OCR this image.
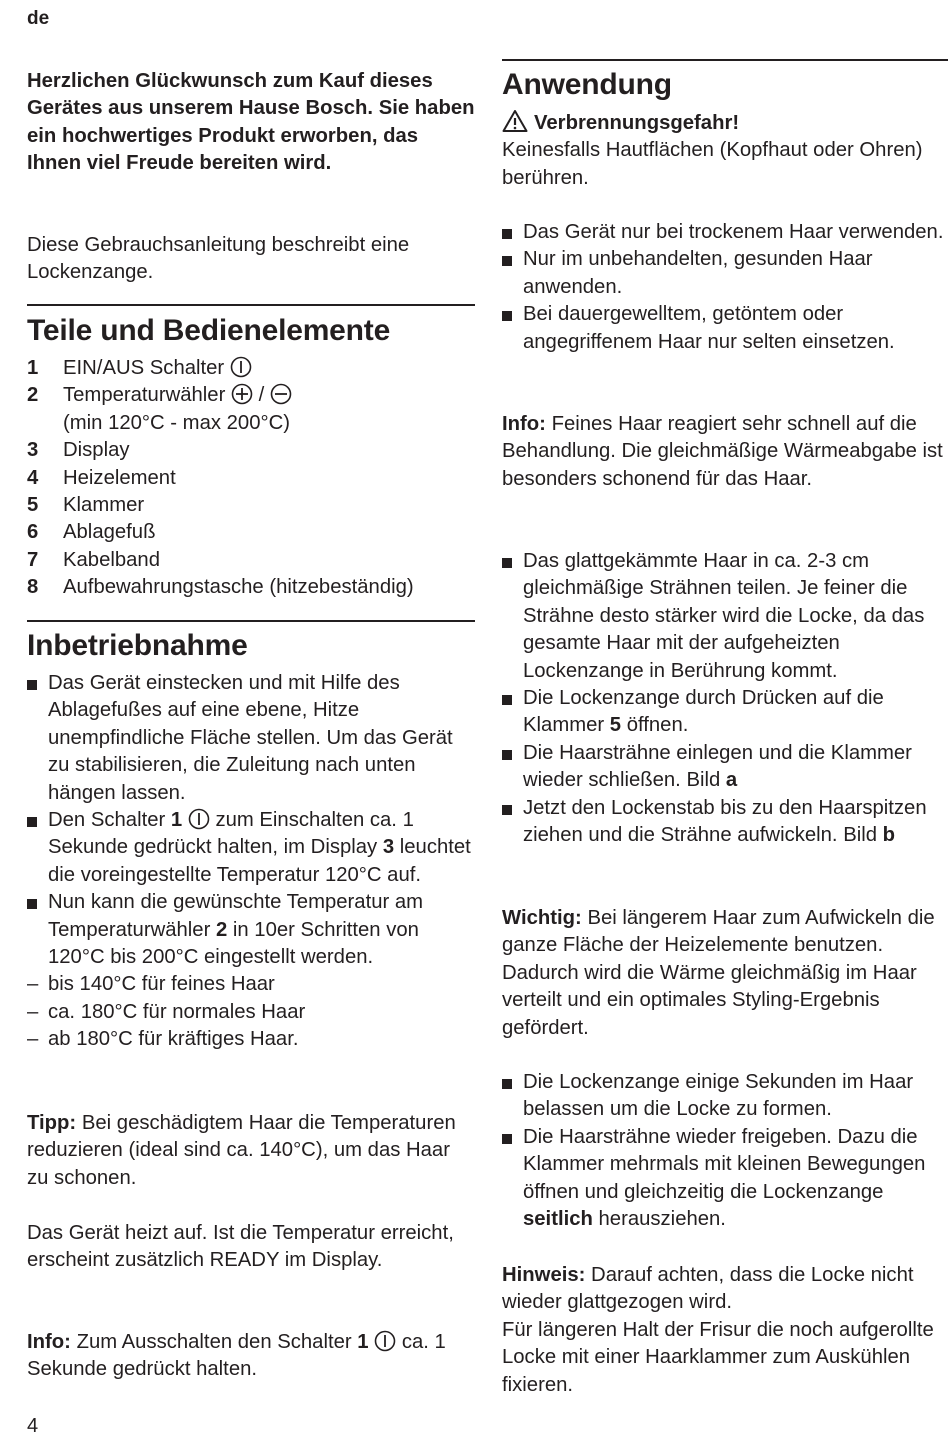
de
Herzlichen Glückwunsch zum Kauf dieses Gerätes aus unserem Hause Bosch. Sie haben ein hochwertiges Produkt erworben, das Ihnen viel Freude bereiten wird.
Diese Gebrauchsanleitung beschreibt eine Lockenzange.
Teile und Bedienelemente
1 EIN/AUS Schalter
2 Temperaturwähler /
(min 120°C - max 200°C)
3 Display
4 Heizelement
5 Klammer
6 Ablagefuß
7 Kabelband
8 Aufbewahrungstasche (hitzebeständig)
Inbetriebnahme
Das Gerät einstecken und mit Hilfe des Ablagefußes auf eine ebene, Hitze unempfindliche Fläche stellen. Um das Gerät zu stabilisieren, die Zuleitung nach unten hängen lassen.
Den Schalter 1 zum Einschalten ca. 1 Sekunde gedrückt halten, im Display 3 leuchtet die voreingestellte Temperatur 120°C auf.
Nun kann die gewünschte Temperatur am Temperaturwähler 2 in 10er Schritten von 120°C bis 200°C eingestellt werden.
– bis 140°C für feines Haar
– ca. 180°C für normales Haar
– ab 180°C für kräftiges Haar.
Tipp: Bei geschädigtem Haar die Temperaturen reduzieren (ideal sind ca. 140°C), um das Haar zu schonen.
Das Gerät heizt auf. Ist die Temperatur erreicht, erscheint zusätzlich READY im Display.
Info: Zum Ausschalten den Schalter 1 ca. 1 Sekunde gedrückt halten.
Anwendung
Verbrennungsgefahr!
Keinesfalls Hautflächen (Kopfhaut oder Ohren) berühren.
Das Gerät nur bei trockenem Haar verwenden.
Nur im unbehandelten, gesunden Haar anwenden.
Bei dauergewelltem, getöntem oder angegriffenem Haar nur selten einsetzen.
Info: Feines Haar reagiert sehr schnell auf die Behandlung. Die gleichmäßige Wärmeabgabe ist besonders schonend für das Haar.
Das glattgekämmte Haar in ca. 2-3 cm gleichmäßige Strähnen teilen. Je feiner die Strähne desto stärker wird die Locke, da das gesamte Haar mit der aufgeheizten Lockenzange in Berührung kommt.
Die Lockenzange durch Drücken auf die Klammer 5 öffnen.
Die Haarsträhne einlegen und die Klammer wieder schließen. Bild a
Jetzt den Lockenstab bis zu den Haarspitzen ziehen und die Strähne aufwickeln. Bild b
Wichtig: Bei längerem Haar zum Aufwickeln die ganze Fläche der Heizelemente benutzen. Dadurch wird die Wärme gleichmäßig im Haar verteilt und ein optimales Styling-Ergebnis gefördert.
Die Lockenzange einige Sekunden im Haar belassen um die Locke zu formen.
Die Haarsträhne wieder freigeben. Dazu die Klammer mehrmals mit kleinen Bewegungen öffnen und gleichzeitig die Lockenzange seitlich herausziehen.
Hinweis: Darauf achten, dass die Locke nicht wieder glattgezogen wird.
Für längeren Halt der Frisur die noch aufgerollte Locke mit einer Haarklammer zum Auskühlen fixieren.
4
